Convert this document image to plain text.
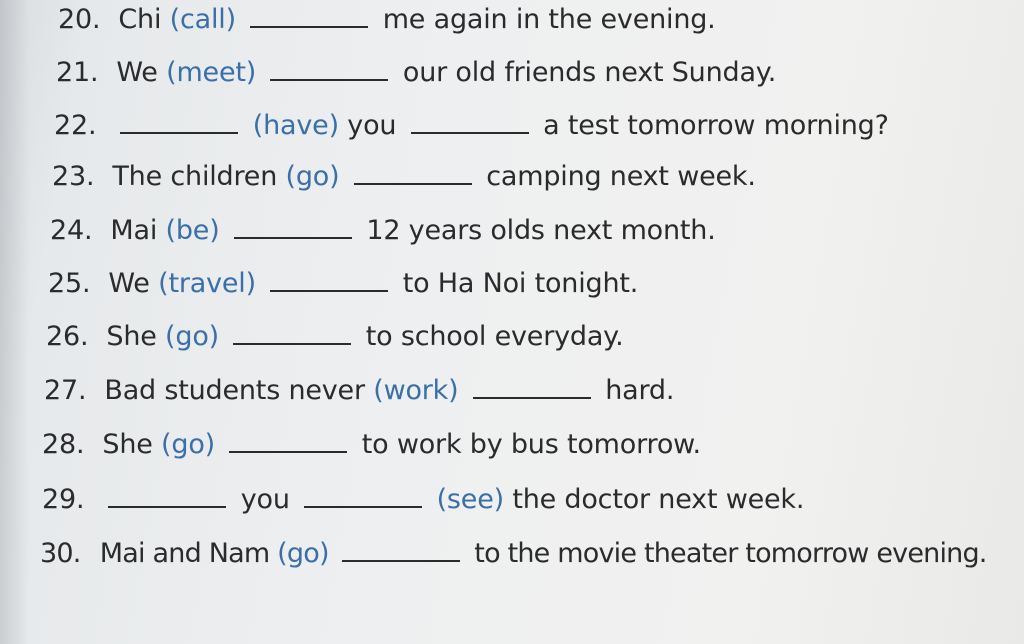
20. Chi (call)	me again in the evening.
21. We (meet)	our old friends next Sunday.
22.	(have) you	a test tomorrow morning?
23. The children (go)	camping next week.
24. Mai (be)	12 years olds next month.
25. We (travel)	to Ha Noi tonight.
26. She (go)	to school everyday.
27. Bad students never (work)	hard.
28. She (go)	to work by bus tomorrow.
29.	you	(see) the doctor next week.
30. Mai and Nam (go)	to the movie theater tomorrow evening.
